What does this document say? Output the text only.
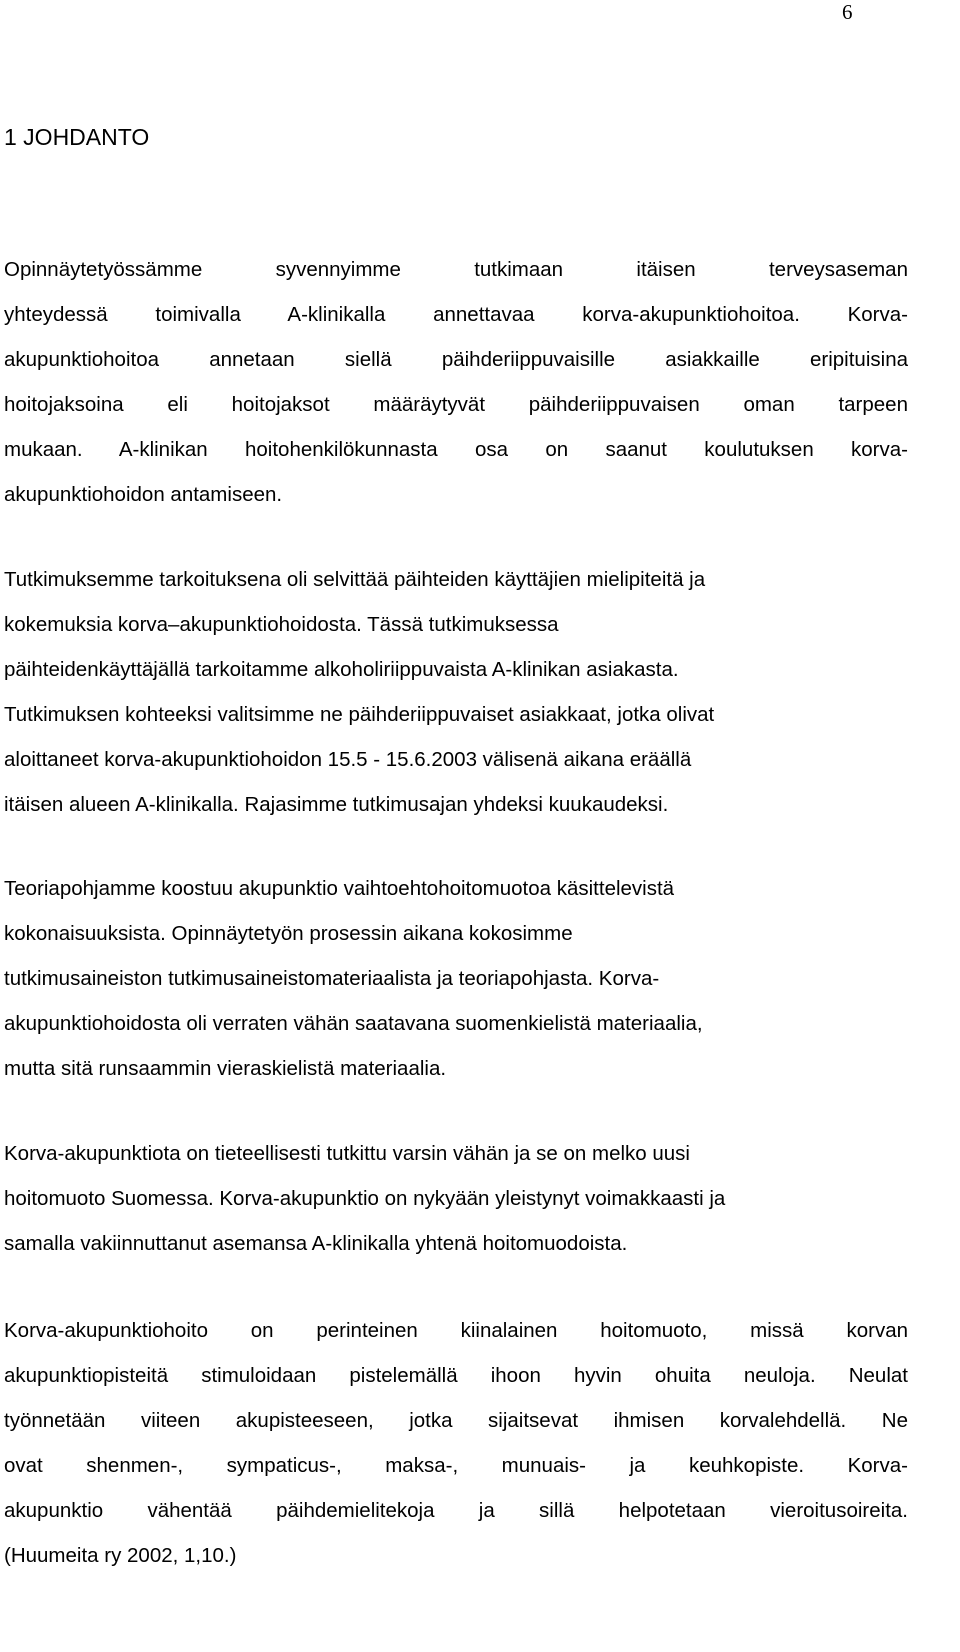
6
1 JOHDANTO
Opinnäytetyössämme syvennyimme tutkimaan itäisen terveysaseman
yhteydessä toimivalla A-klinikalla annettavaa korva-akupunktiohoitoa. Korva-
akupunktiohoitoa annetaan siellä päihderiippuvaisille asiakkaille eripituisina
hoitojaksoina eli hoitojaksot määräytyvät päihderiippuvaisen oman tarpeen
mukaan. A-klinikan hoitohenkilökunnasta osa on saanut koulutuksen korva-
akupunktiohoidon antamiseen.
Tutkimuksemme tarkoituksena oli selvittää päihteiden käyttäjien mielipiteitä ja
kokemuksia korva–akupunktiohoidosta. Tässä tutkimuksessa
päihteidenkäyttäjällä tarkoitamme alkoholiriippuvaista A-klinikan asiakasta.
Tutkimuksen kohteeksi valitsimme ne päihderiippuvaiset asiakkaat, jotka olivat
aloittaneet korva-akupunktiohoidon 15.5 - 15.6.2003 välisenä aikana eräällä
itäisen alueen A-klinikalla. Rajasimme tutkimusajan yhdeksi kuukaudeksi.
Teoriapohjamme koostuu akupunktio vaihtoehtohoitomuotoa käsittelevistä
kokonaisuuksista. Opinnäytetyön prosessin aikana kokosimme
tutkimusaineiston tutkimusaineistomateriaalista ja teoriapohjasta. Korva-
akupunktiohoidosta oli verraten vähän saatavana suomenkielistä materiaalia,
mutta sitä runsaammin vieraskielistä materiaalia.
Korva-akupunktiota on tieteellisesti tutkittu varsin vähän ja se on melko uusi
hoitomuoto Suomessa. Korva-akupunktio on nykyään yleistynyt voimakkaasti ja
samalla vakiinnuttanut asemansa A-klinikalla yhtenä hoitomuodoista.
Korva-akupunktiohoito on perinteinen kiinalainen hoitomuoto, missä korvan
akupunktiopisteitä stimuloidaan pistelemällä ihoon hyvin ohuita neuloja. Neulat
työnnetään viiteen akupisteeseen, jotka sijaitsevat ihmisen korvalehdellä. Ne
ovat shenmen-, sympaticus-, maksa-, munuais- ja keuhkopiste. Korva-
akupunktio vähentää päihdemielitekoja ja sillä helpotetaan vieroitusoireita.
(Huumeita ry 2002, 1,10.)
